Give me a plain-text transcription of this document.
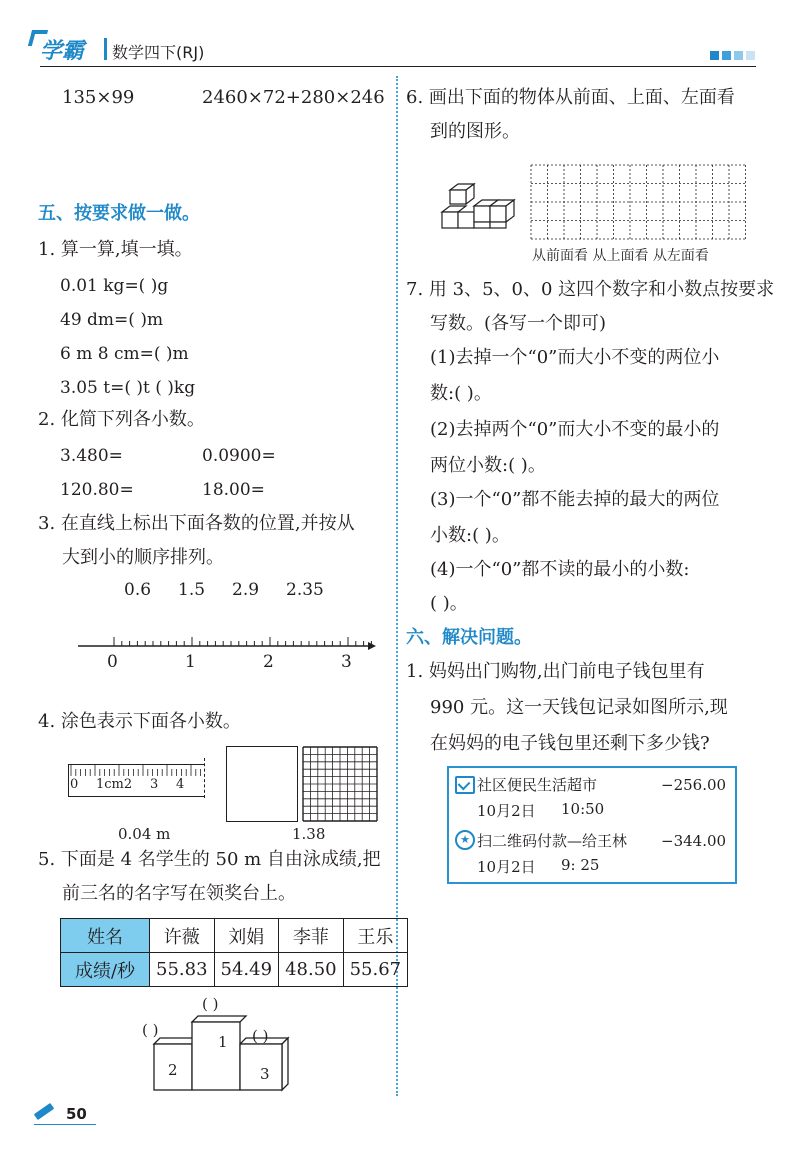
学霸 数学四下(RJ)
135×99	2460×72+280×246
五、按要求做一做。
1. 算一算,填一填。
0.01 kg=( )g
49 dm=( )m
6 m 8 cm=( )m
3.05 t=( )t ( )kg
2. 化简下列各小数。
3.480=	0.0900=
120.80=	18.00=
3. 在直线上标出下面各数的位置,并按从
大到小的顺序排列。
0.6 1.5 2.9 2.35
0	1	2	3
4. 涂色表示下面各小数。
0 1cm2 3 4
0.04 m	1.38
5. 下面是 4 名学生的 50 m 自由泳成绩,把
前三名的名字写在领奖台上。
姓名	许薇	刘娟	李菲	王乐
成绩/秒	55.83	54.49	48.50	55.67
( )
( )	( )
1
2	3
6. 画出下面的物体从前面、上面、左面看
到的图形。
从前面看 从上面看 从左面看
7. 用 3、5、0、0 这四个数字和小数点按要求
写数。(各写一个即可)
(1)去掉一个“0”而大小不变的两位小
数:( )。
(2)去掉两个“0”而大小不变的最小的
两位小数:( )。
(3)一个“0”都不能去掉的最大的两位
小数:( )。
(4)一个“0”都不读的最小的小数:
( )。
六、解决问题。
1. 妈妈出门购物,出门前电子钱包里有
990 元。这一天钱包记录如图所示,现
在妈妈的电子钱包里还剩下多少钱?
社区便民生活超市	−256.00
10月2日 10:50
★ 扫二维码付款—给王林 −344.00
10月2日 9: 25
50
